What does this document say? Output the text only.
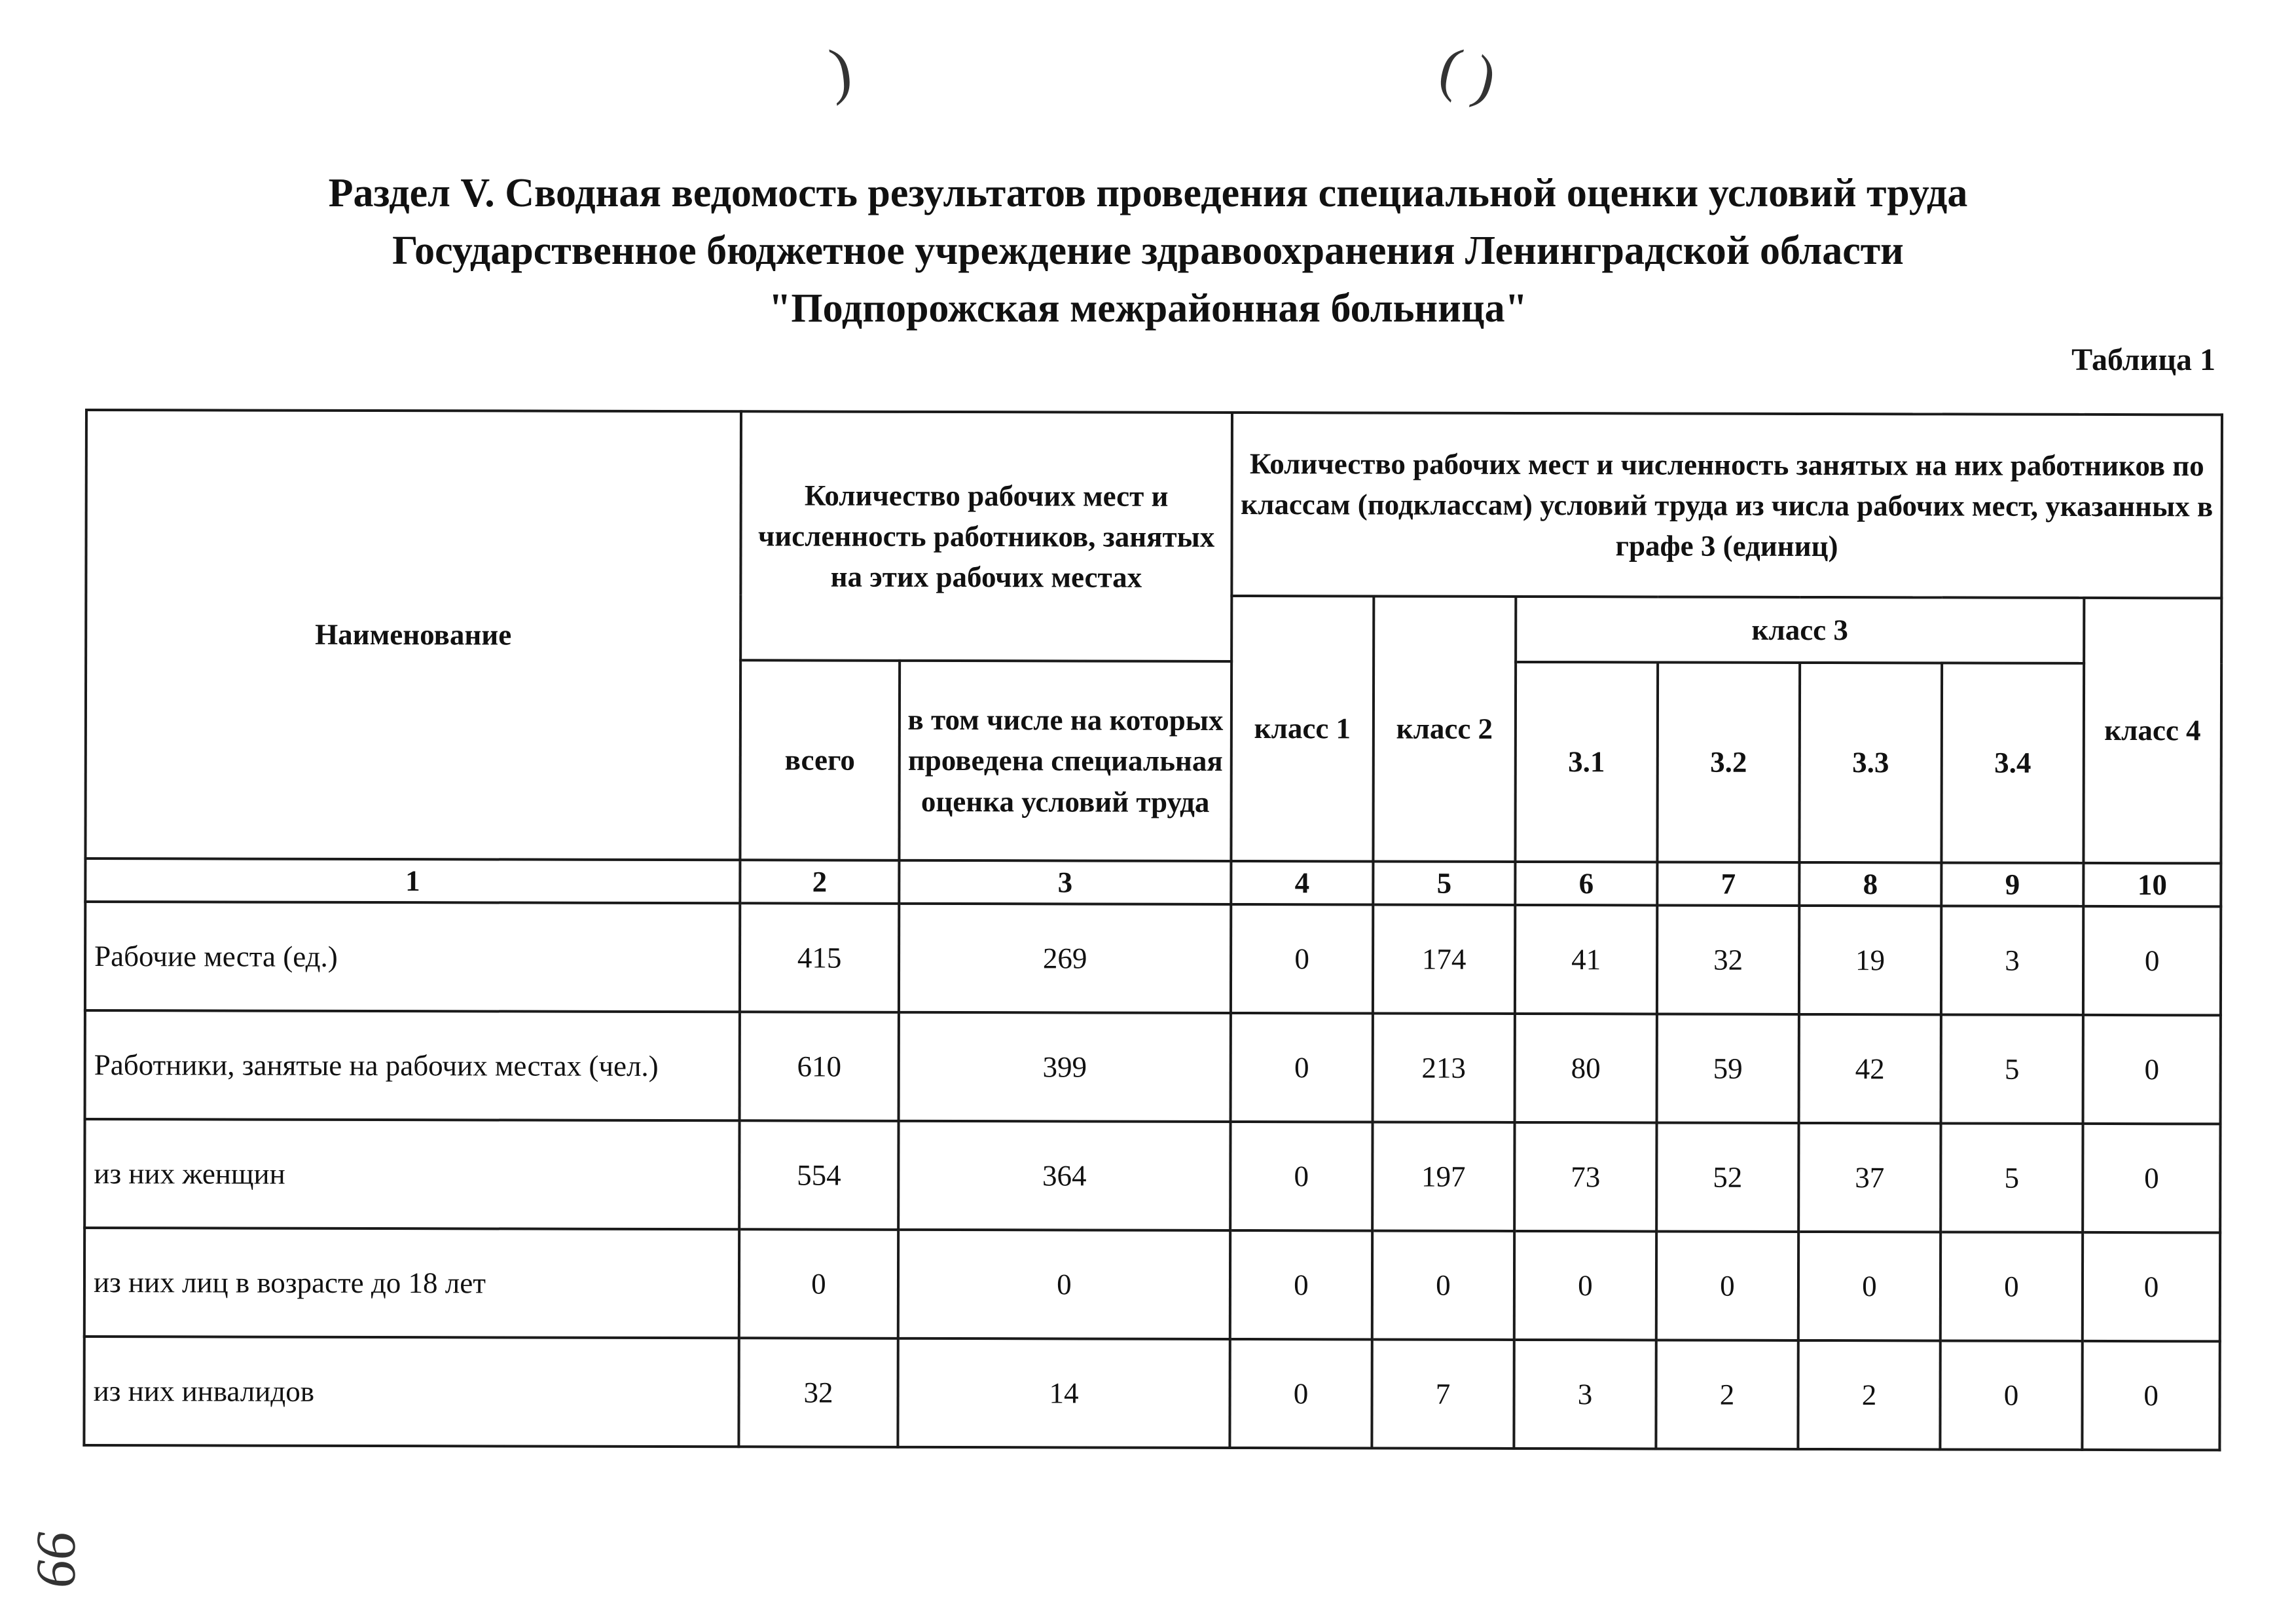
)	( )
Раздел V. Сводная ведомость результатов проведения специальной оценки условий труда
Государственное бюджетное учреждение здравоохранения Ленинградской области
"Подпорожская межрайонная больница"
Таблица 1
Наименование	Количество рабочих мест и численность работников, занятых на этих рабочих местах		Количество рабочих мест и численность занятых на них работников по классам (подклассам) условий труда из числа рабочих мест, указанных в графе 3 (единиц)						
			класс 1	класс 2	класс 3				класс 4
	всего	в том числе на которых проведена специальная оценка условий труда			3.1	3.2	3.3	3.4	
1	2	3	4	5	6	7	8	9	10
Рабочие места (ед.)	415	269	0	174	41	32	19	3	0
Работники, занятые на рабочих местах (чел.)	610	399	0	213	80	59	42	5	0
из них женщин	554	364	0	197	73	52	37	5	0
из них лиц в возрасте до 18 лет	0	0	0	0	0	0	0	0	0
из них инвалидов	32	14	0	7	3	2	2	0	0
99
